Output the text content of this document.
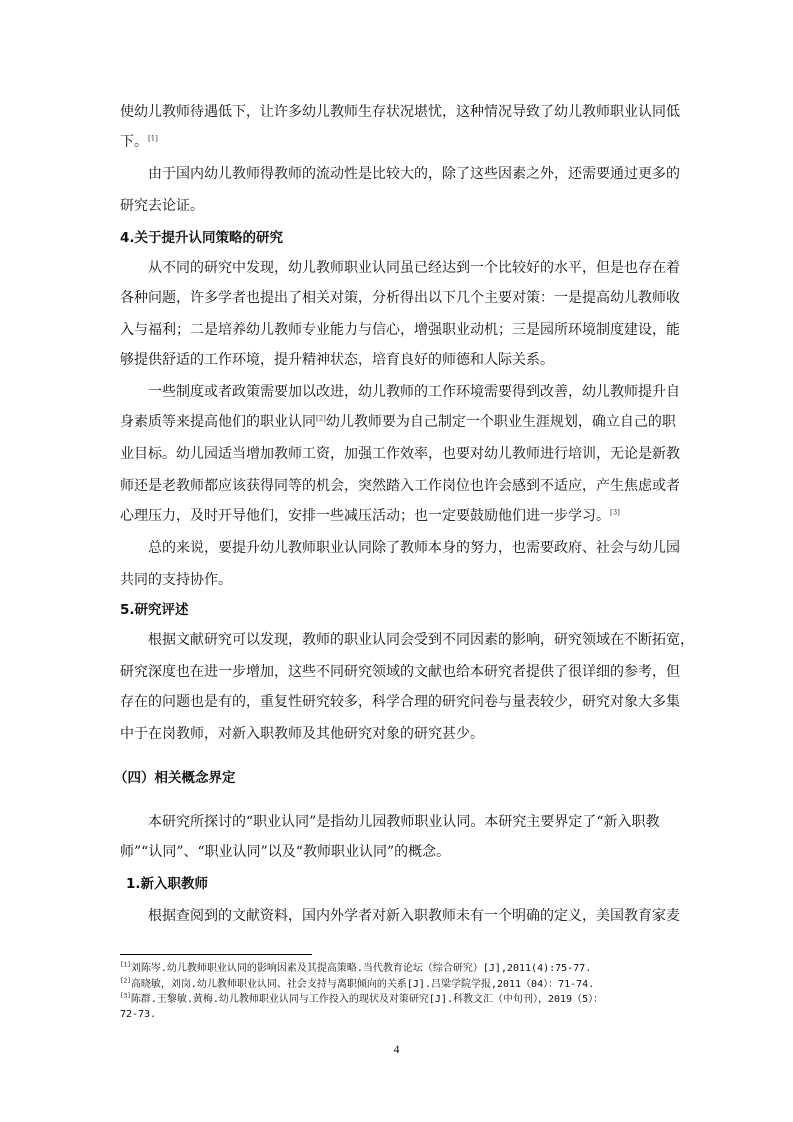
使幼儿教师待遇低下，让许多幼儿教师生存状况堪忧，这种情况导致了幼儿教师职业认同低
下。[1]
由于国内幼儿教师得教师的流动性是比较大的，除了这些因素之外，还需要通过更多的
研究去论证。
4.关于提升认同策略的研究
从不同的研究中发现，幼儿教师职业认同虽已经达到一个比较好的水平，但是也存在着
各种问题，许多学者也提出了相关对策，分析得出以下几个主要对策：一是提高幼儿教师收
入与福利；二是培养幼儿教师专业能力与信心，增强职业动机；三是园所环境制度建设，能
够提供舒适的工作环境，提升精神状态，培育良好的师德和人际关系。
一些制度或者政策需要加以改进，幼儿教师的工作环境需要得到改善，幼儿教师提升自
身素质等来提高他们的职业认同[2]幼儿教师要为自己制定一个职业生涯规划，确立自己的职
业目标。幼儿园适当增加教师工资，加强工作效率，也要对幼儿教师进行培训，无论是新教
师还是老教师都应该获得同等的机会，突然踏入工作岗位也许会感到不适应，产生焦虑或者
心理压力，及时开导他们，安排一些减压活动；也一定要鼓励他们进一步学习。[3]
总的来说，要提升幼儿教师职业认同除了教师本身的努力，也需要政府、社会与幼儿园
共同的支持协作。
5.研究评述
根据文献研究可以发现，教师的职业认同会受到不同因素的影响，研究领域在不断拓宽，
研究深度也在进一步增加，这些不同研究领域的文献也给本研究者提供了很详细的参考，但
存在的问题也是有的，重复性研究较多，科学合理的研究问卷与量表较少，研究对象大多集
中于在岗教师，对新入职教师及其他研究对象的研究甚少。
（四）相关概念界定
本研究所探讨的“职业认同”是指幼儿园教师职业认同。本研究主要界定了“新入职教
师”“认同”、“职业认同”以及“教师职业认同”的概念。
1.新入职教师
根据查阅到的文献资料，国内外学者对新入职教师未有一个明确的定义，美国教育家麦
[1]刘陈岑.幼儿教师职业认同的影响因素及其提高策略.当代教育论坛（综合研究）[J],2011(4):75-77.
[2]高晓敏，刘岗.幼儿教师职业认同、社会支持与离职倾向的关系[J].吕梁学院学报,2011（04）：71-74.
[3]陈群.王黎敏.黄梅.幼儿教师职业认同与工作投入的现状及对策研究[J].科教文汇（中旬刊），2019（5）：
72-73.
4
